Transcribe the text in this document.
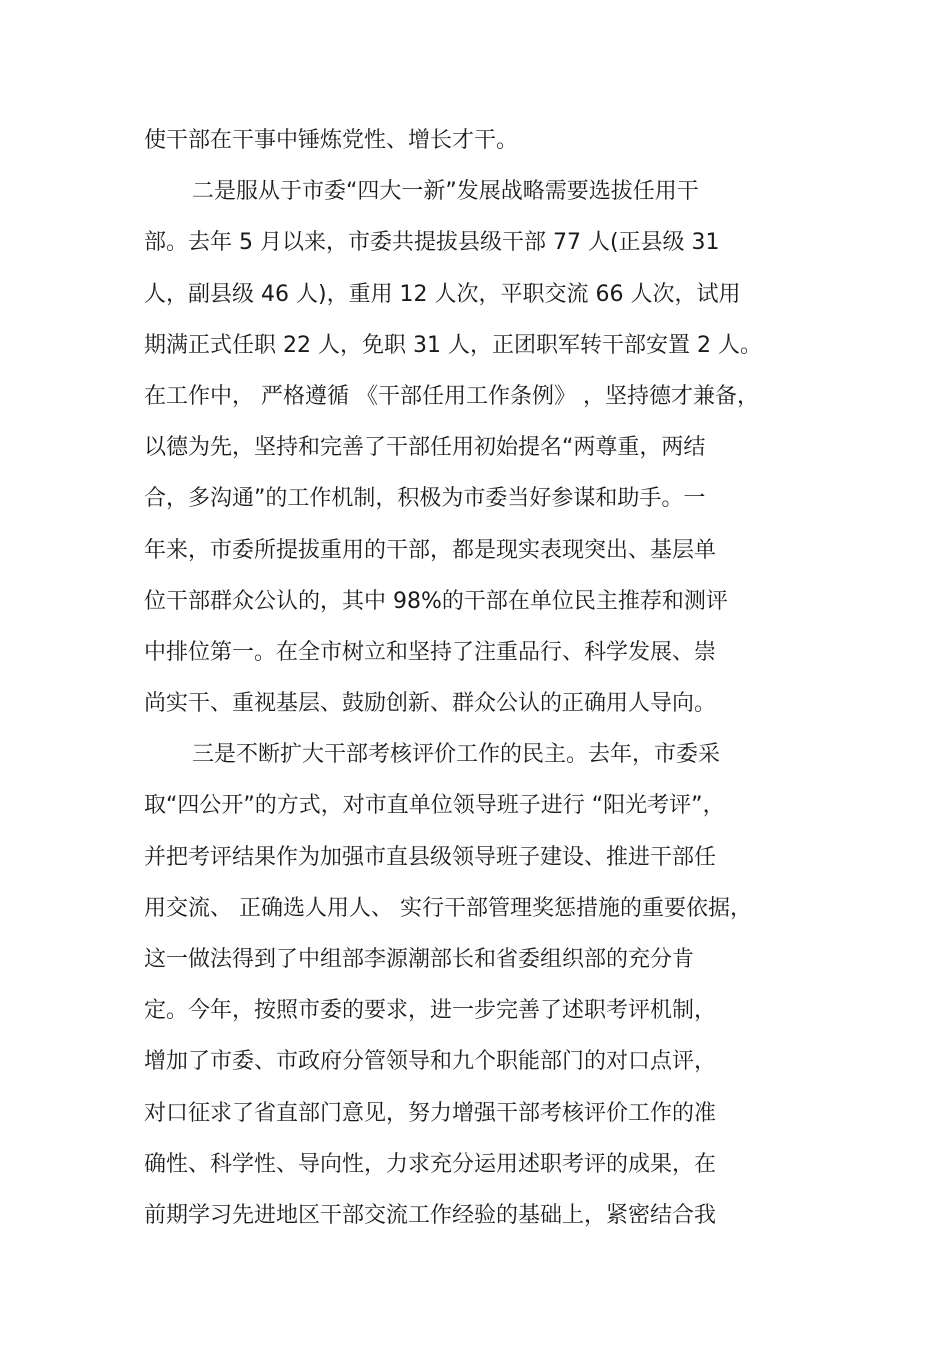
使干部在干事中锤炼党性、增长才干。
二是服从于市委“四大一新”发展战略需要选拔任用干
部。去年 5 月以来，市委共提拔县级干部 77 人(正县级 31
人，副县级 46 人)，重用 12 人次，平职交流 66 人次，试用
期满正式任职 22 人，免职 31 人，正团职军转干部安置 2 人。
在工作中， 严格遵循 《干部任用工作条例》 ，坚持德才兼备，
以德为先，坚持和完善了干部任用初始提名“两尊重，两结
合，多沟通”的工作机制，积极为市委当好参谋和助手。一
年来，市委所提拔重用的干部，都是现实表现突出、基层单
位干部群众公认的，其中 98%的干部在单位民主推荐和测评
中排位第一。在全市树立和坚持了注重品行、科学发展、崇
尚实干、重视基层、鼓励创新、群众公认的正确用人导向。
三是不断扩大干部考核评价工作的民主。去年，市委采
取“四公开”的方式，对市直单位领导班子进行 “阳光考评”，
并把考评结果作为加强市直县级领导班子建设、推进干部任
用交流、 正确选人用人、 实行干部管理奖惩措施的重要依据，
这一做法得到了中组部李源潮部长和省委组织部的充分肯
定。今年，按照市委的要求，进一步完善了述职考评机制，
增加了市委、市政府分管领导和九个职能部门的对口点评，
对口征求了省直部门意见，努力增强干部考核评价工作的准
确性、科学性、导向性，力求充分运用述职考评的成果，在
前期学习先进地区干部交流工作经验的基础上，紧密结合我
